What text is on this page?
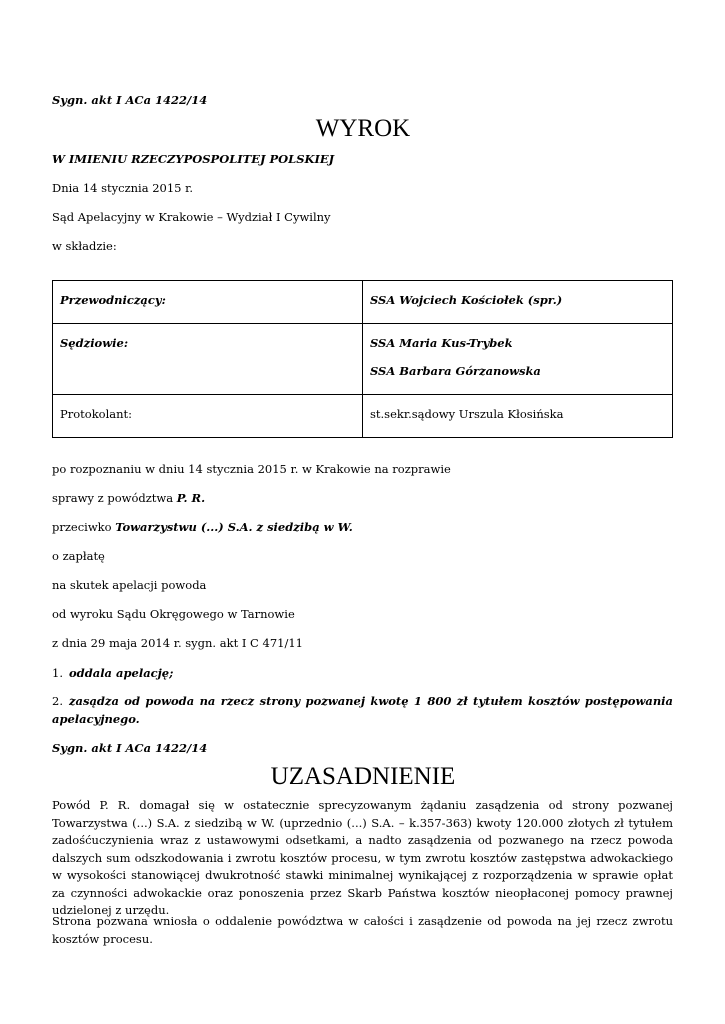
Sygn. akt I ACa 1422/14
WYROK
W IMIENIU RZECZYPOSPOLITEJ POLSKIEJ
Dnia 14 stycznia 2015 r.
Sąd Apelacyjny w Krakowie – Wydział I Cywilny
w składzie:
Przewodniczący:	SSA Wojciech Kościołek (spr.)
Sędziowie:	SSA Maria Kus-Trybek
SSA Barbara Górzanowska

Protokolant:	st.sekr.sądowy Urszula Kłosińska
po rozpoznaniu w dniu 14 stycznia 2015 r. w Krakowie na rozprawie
sprawy z powództwa P. R.
przeciwko Towarzystwu (...) S.A. z siedzibą w W.
o zapłatę
na skutek apelacji powoda
od wyroku Sądu Okręgowego w Tarnowie
z dnia 29 maja 2014 r. sygn. akt I C 471/11
1. oddala apelację;
2. zasądza od powoda na rzecz strony pozwanej kwotę 1 800 zł tytułem kosztów postępowania apelacyjnego.
Sygn. akt I ACa 1422/14
UZASADNIENIE
Powód P. R. domagał się w ostatecznie sprecyzowanym żądaniu zasądzenia od strony pozwanej Towarzystwa (...) S.A. z siedzibą w W. (uprzednio (...) S.A. – k.357-363) kwoty 120.000 złotych zł tytułem zadośćuczynienia wraz z ustawowymi odsetkami, a nadto zasądzenia od pozwanego na rzecz powoda dalszych sum odszkodowania i zwrotu kosztów procesu, w tym zwrotu kosztów zastępstwa adwokackiego w wysokości stanowiącej dwukrotność stawki minimalnej wynikającej z rozporządzenia w sprawie opłat za czynności adwokackie oraz ponoszenia przez Skarb Państwa kosztów nieopłaconej pomocy prawnej udzielonej z urzędu.
Strona pozwana wniosła o oddalenie powództwa w całości i zasądzenie od powoda na jej rzecz zwrotu kosztów procesu.
